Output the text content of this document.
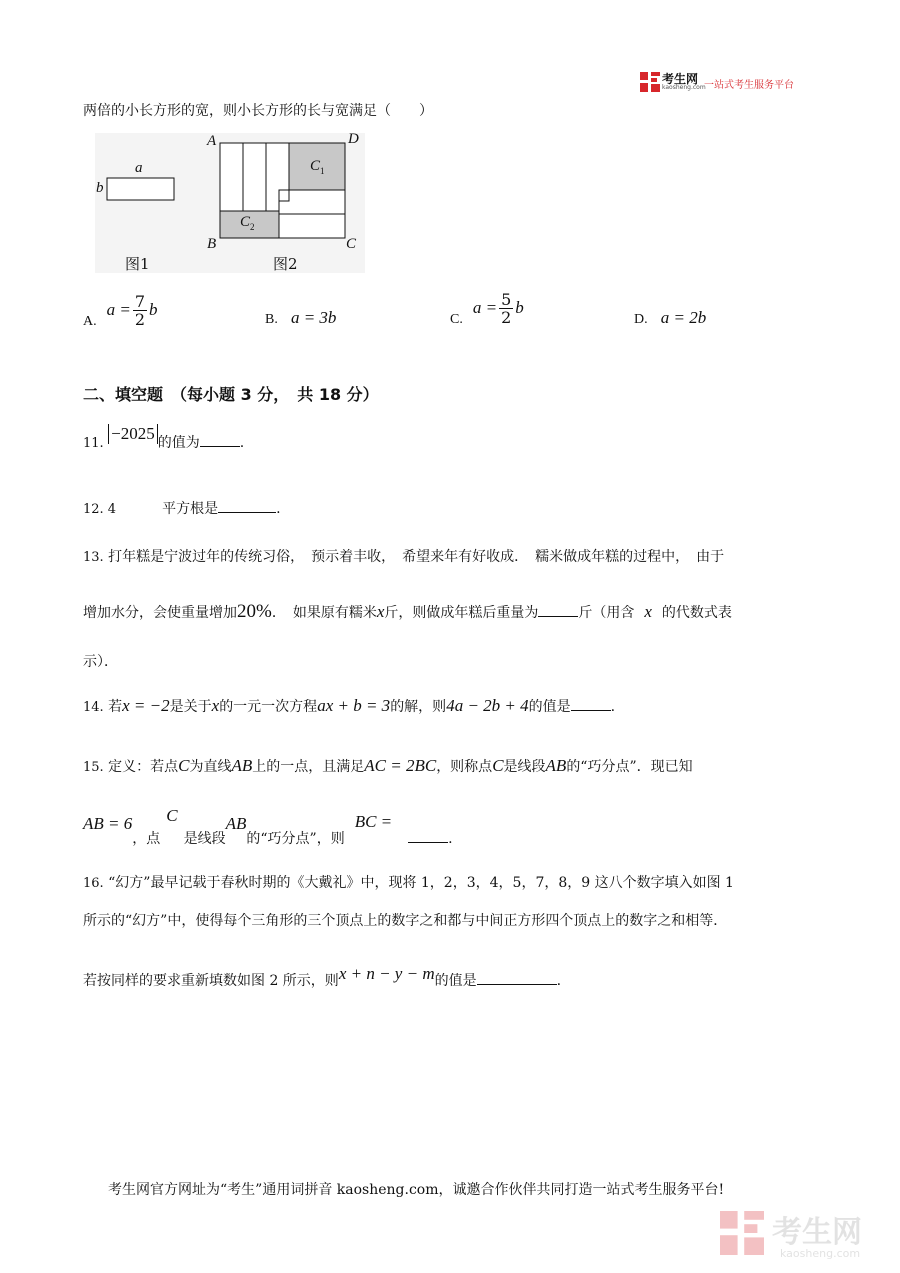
考生网
kaosheng.com
一站式考生服务平台
两倍的小长方形的宽，则小长方形的长与宽满足（　　）
a
b
图1
A	D
B	C
$C_1$
$C_2$
图2
A.
$a = \frac{7}{2}$ b
B. a = 3b	C.
$a = \frac{5}{2}$ b
D. a = 2b
二、填空题　（每小题 3 分，　共 18 分）
11. −2025 的值为	.
12. 4	平方根是	.
13. 打年糕是宁波过年的传统习俗，　预示着丰收，　希望来年有好收成．　糯米做成年糕的过程中，　由于
增加水分，会使重量增加20%．　如果原有糯米x斤，则做成年糕后重量为	斤（用含 x 的代数式表
示）．
14. 若x = −2是关于x的一元一次方程ax + b = 3的解，则4a − 2b + 4的值是	.
15. 定义：若点C为直线AB上的一点，且满足AC = 2BC，则称点C是线段AB的“巧分点”．现已知
AB = 6，点C是线段AB的“巧分点”，则BC =.
16. “幻方”最早记载于春秋时期的《大戴礼》中，现将 1，2，3，4，5，7，8，9 这八个数字填入如图 1
所示的“幻方”中，使得每个三角形的三个顶点上的数字之和都与中间正方形四个顶点上的数字之和相等．
若按同样的要求重新填数如图 2 所示，则x + n − y − m的值是	.
考生网官方网址为“考生”通用词拼音 kaosheng.com，诚邀合作伙伴共同打造一站式考生服务平台!
考生网
kaosheng.com
